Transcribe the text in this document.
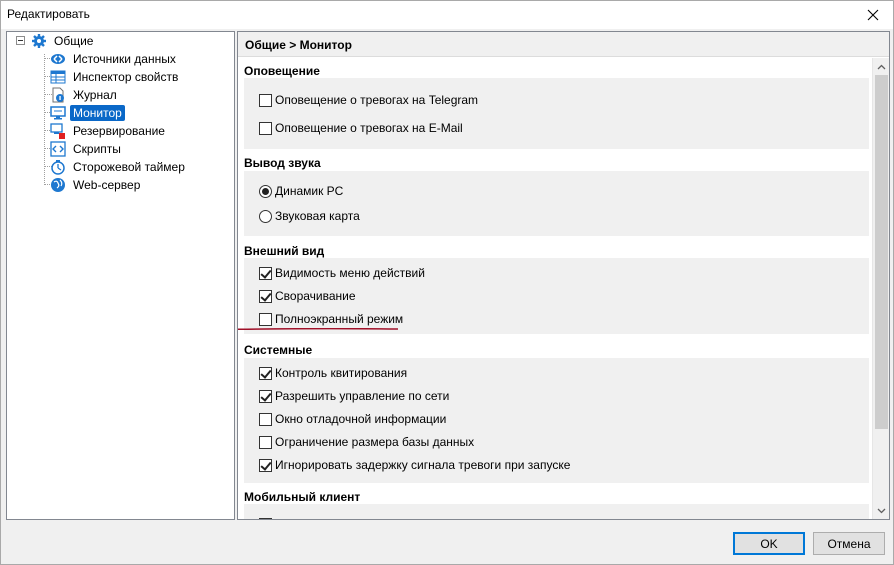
Редактировать
Общие
Источники данных
Инспектор свойств
Журнал
Монитор
Резервирование
Скрипты
Сторожевой таймер
Web-сервер
Общие > Монитор
Оповещение
Оповещение о тревогах на Telegram
Оповещение о тревогах на E-Mail
Вывод звука
Динамик PC
Звуковая карта
Внешний вид
Видимость меню действий
Сворачивание
Полноэкранный режим
Системные
Контроль квитирования
Разрешить управление по сети
Окно отладочной информации
Ограничение размера базы данных
Игнорировать задержку сигнала тревоги при запуске
Мобильный клиент
OK	Отмена
